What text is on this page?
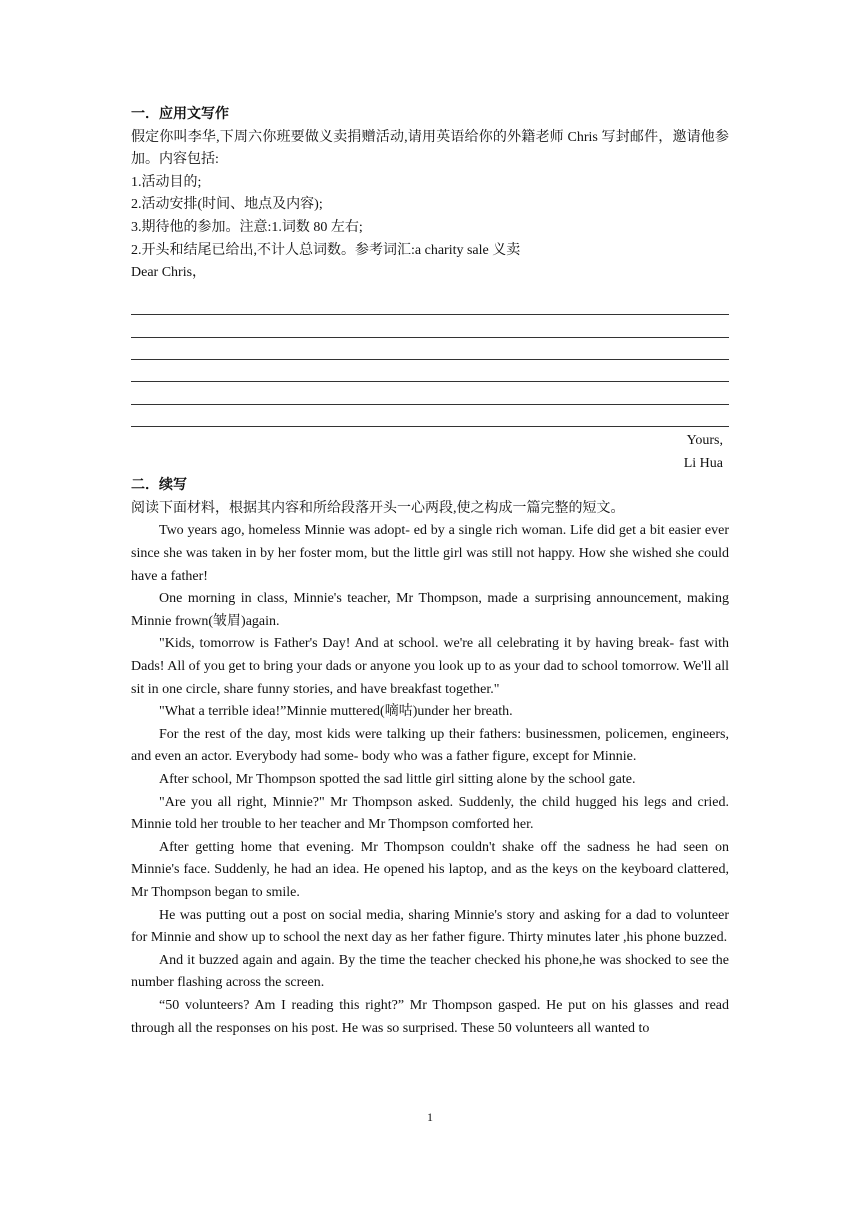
一．应用文写作
假定你叫李华,下周六你班要做义卖捐赠活动,请用英语给你的外籍老师 Chris 写封邮件，邀请他参加。内容包括:
1.活动目的;
2.活动安排(时间、地点及内容);
3.期待他的参加。注意:1.词数 80 左右;
2.开头和结尾已给出,不计人总词数。参考词汇:a charity sale 义卖
Dear Chris，
Yours,
Li Hua
二．续写
阅读下面材料，根据其内容和所给段落开头一心两段,使之构成一篇完整的短文。
Two years ago, homeless Minnie was adopt- ed by a single rich woman. Life did get a bit easier ever since she was taken in by her foster mom, but the little girl was still not happy. How she wished she could have a father!
One morning in class, Minnie's teacher, Mr Thompson, made a surprising announcement, making Minnie frown(皱眉)again.
"Kids, tomorrow is Father's Day! And at school. we're all celebrating it by having break- fast with Dads! All of you get to bring your dads or anyone you look up to as your dad to school tomorrow. We'll all sit in one circle, share funny stories, and have breakfast together."
"What a terrible idea!”Minnie muttered(嘀咕)under her breath.
For the rest of the day, most kids were talking up their fathers: businessmen, policemen, engineers, and even an actor. Everybody had some- body who was a father figure, except for Minnie.
After school, Mr Thompson spotted the sad little girl sitting alone by the school gate.
"Are you all right, Minnie?" Mr Thompson asked. Suddenly, the child hugged his legs and cried. Minnie told her trouble to her teacher and Mr Thompson comforted her.
After getting home that evening. Mr Thompson couldn't shake off the sadness he had seen on Minnie's face. Suddenly, he had an idea. He opened his laptop, and as the keys on the keyboard clattered, Mr Thompson began to smile.
He was putting out a post on social media, sharing Minnie's story and asking for a dad to volunteer for Minnie and show up to school the next day as her father figure. Thirty minutes later ,his phone buzzed.
And it buzzed again and again. By the time the teacher checked his phone,he was shocked to see the number flashing across the screen.
“50 volunteers? Am I reading this right?” Mr Thompson gasped. He put on his glasses and read through all the responses on his post. He was so surprised. These 50 volunteers all wanted to
1
